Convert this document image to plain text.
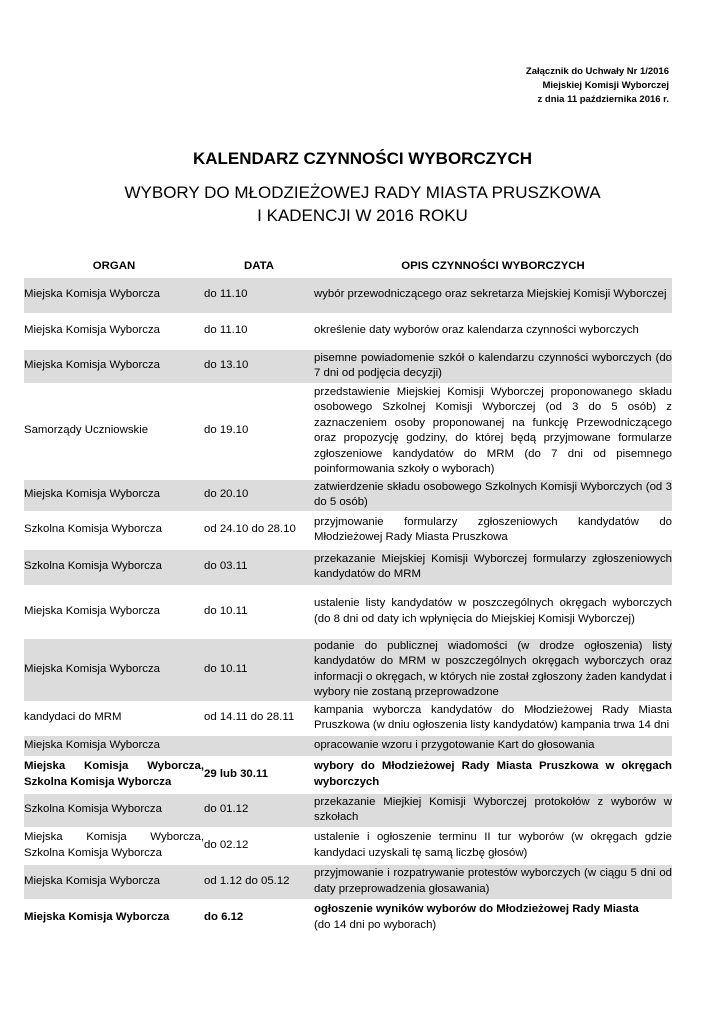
Załącznik do Uchwały Nr 1/2016
Miejskiej Komisji Wyborczej
z dnia 11 października 2016 r.
KALENDARZ CZYNNOŚCI WYBORCZYCH
WYBORY DO MŁODZIEŻOWEJ RADY MIASTA PRUSZKOWA
I KADENCJI W 2016 ROKU
ORGAN	DATA	OPIS CZYNNOŚCI WYBORCZYCH
Miejska Komisja Wyborcza	do 11.10	wybór przewodniczącego oraz sekretarza Miejskiej Komisji Wyborczej
Miejska Komisja Wyborcza	do 11.10	określenie daty wyborów oraz kalendarza czynności wyborczych
Miejska Komisja Wyborcza	do 13.10	pisemne powiadomenie szkół o kalendarzu czynności wyborczych (do 7 dni od podjęcia decyzji)
Samorządy Uczniowskie	do 19.10	przedstawienie Miejskiej Komisji Wyborczej proponowanego składu osobowego Szkolnej Komisji Wyborczej (od 3 do 5 osób) z zaznaczeniem osoby proponowanej na funkcję Przewodniczącego oraz propozycję godziny, do której będą przyjmowane formularze zgłoszeniowe kandydatów do MRM (do 7 dni od pisemnego poinformowania szkoły o wyborach)
Miejska Komisja Wyborcza	do 20.10	zatwierdzenie składu osobowego Szkolnych Komisji Wyborczych (od 3 do 5 osób)
Szkolna Komisja Wyborcza	od 24.10 do 28.10	przyjmowanie formularzy zgłoszeniowych kandydatów do Młodzieżowej Rady Miasta Pruszkowa
Szkolna Komisja Wyborcza	do 03.11	przekazanie Miejskiej Komisji Wyborczej formularzy zgłoszeniowych kandydatów do MRM
Miejska Komisja Wyborcza	do 10.11	ustalenie listy kandydatów w poszczególnych okręgach wyborczych (do 8 dni od daty ich wpłynięcia do Miejskiej Komisji Wyborczej)
Miejska Komisja Wyborcza	do 10.11	podanie do publicznej wiadomości (w drodze ogłoszenia) listy kandydatów do MRM w poszczególnych okręgach wyborczych oraz informacji o okręgach, w których nie został zgłoszony żaden kandydat i wybory nie zostaną przeprowadzone
kandydaci do MRM	od 14.11 do 28.11	kampania wyborcza kandydatów do Młodzieżowej Rady Miasta Pruszkowa (w dniu ogłoszenia listy kandydatów) kampania trwa 14 dni
Miejska Komisja Wyborcza		opracowanie wzoru i przygotowanie Kart do głosowania
Miejska Komisja Wyborcza, Szkolna Komisja Wyborcza	29 lub 30.11	wybory do Młodzieżowej Rady Miasta Pruszkowa w okręgach wyborczych
Szkolna Komisja Wyborcza	do 01.12	przekazanie Miejkiej Komisji Wyborczej protokołów z wyborów w szkołach
Miejska Komisja Wyborcza, Szkolna Komisja Wyborcza	do 02.12	ustalenie i ogłoszenie terminu II tur wyborów (w okręgach gdzie kandydaci uzyskali tę samą liczbę głosów)
Miejska Komisja Wyborcza	od 1.12 do 05.12	przyjmowanie i rozpatrywanie protestów wyborczych (w ciągu 5 dni od daty przeprowadzenia głosawania)
Miejska Komisja Wyborcza	do 6.12	ogłoszenie wyników wyborów do Młodzieżowej Rady Miasta
(do 14 dni po wyborach)
